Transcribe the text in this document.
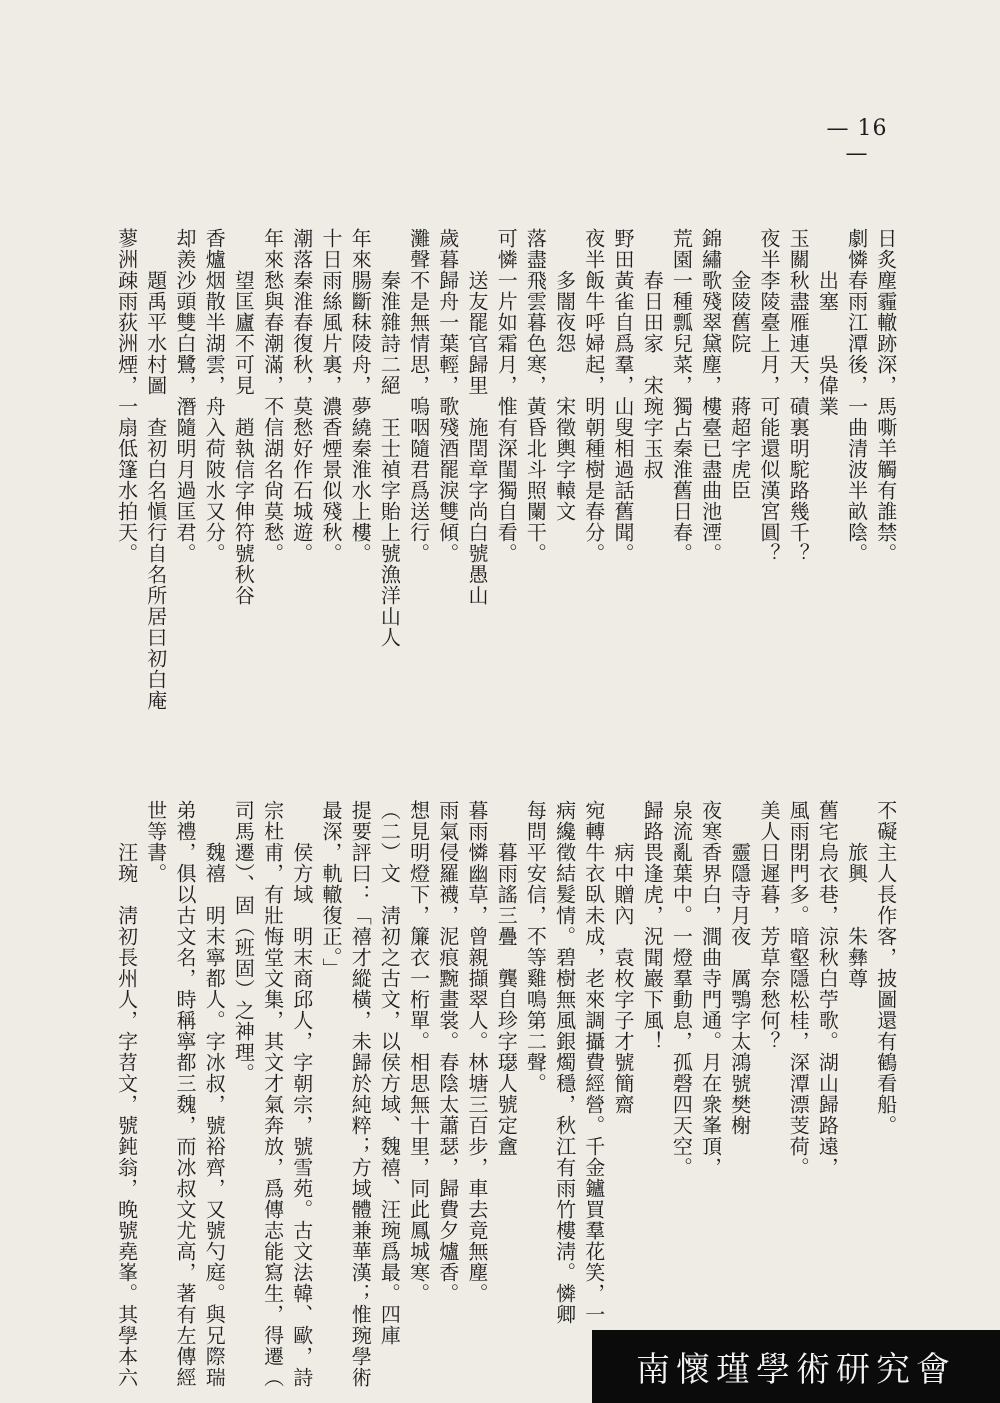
— 16 —
日炙塵霾轍跡深，馬嘶羊觸有誰禁。
劇憐春雨江潭後，一曲清波半畝陰。
出塞　　吳偉業
玉關秋盡雁連天，磧裏明駝路幾千？
夜半李陵臺上月，可能還似漢宮圓？
金陵舊院　　蔣超字虎臣
錦繡歌殘翠黛塵，樓臺已盡曲池湮。
荒園一種瓢兒菜，獨占秦淮舊日春。
春日田家　宋琬字玉叔
野田黃雀自爲羣，山叟相過話舊聞。
夜半飯牛呼婦起，明朝種樹是春分。
多闇夜怨　　宋徵輿字轅文
落盡飛雲暮色寒，黃昏北斗照闌干。
可憐一片如霜月，惟有深閨獨自看。
送友罷官歸里　施閏章字尚白號愚山
歲暮歸舟一葉輕，歌殘酒罷淚雙傾。
灘聲不是無情思，嗚咽隨君爲送行。
秦淮雜詩二絕　王士禎字貽上號漁洋山人
年來腸斷秣陵舟，夢繞秦淮水上樓。
十日雨絲風片裏，濃香煙景似殘秋。
潮落秦淮春復秋，莫愁好作石城遊。
年來愁與春潮滿，不信湖名尙莫愁。
望匡廬不可見　趙執信字伸符號秋谷
香爐烟散半湖雲，舟入荷陂水又分。
却羨沙頭雙白鷺，潛隨明月過匡君。
題禹平水村圖　查初白名愼行自名所居曰初白庵
蓼洲疎雨荻洲煙，一扇低篷水拍天。
不礙主人長作客，披圖還有鶴看船。
旅興　　朱彝尊
舊宅烏衣巷，涼秋白苧歌。湖山歸路遠，
風雨閉門多。暗壑隱松桂，深潭漂芰荷。
美人日遲暮，芳草奈愁何？
靈隱寺月夜　厲鶚字太鴻號樊榭
夜寒香界白，澗曲寺門通。月在衆峯頂，
泉流亂葉中。一燈羣動息，孤磬四天空。
歸路畏逢虎，況聞巖下風！
病中贈內　袁枚字子才號簡齋
宛轉牛衣臥未成，老來調攝費經營。千金鑪買羣花笑，一
病纔徵結髮情。碧樹無風銀燭穩，秋江有雨竹樓淸。憐卿
每問平安信，不等雞鳴第二聲。
暮雨謠三疊　龔自珍字璱人號定盦
暮雨憐幽草，曾親擷翠人。林塘三百步，車去竟無塵。
雨氣侵羅襪，泥痕黦畫裳。春陰太蕭瑟，歸費夕爐香。
想見明燈下，簾衣一桁單。相思無十里，同此鳳城寒。
（二）文　淸初之古文，以侯方域、魏禧、汪琬爲最。四庫
提要評曰：「禧才縱橫，未歸於純粹；方域體兼華漢；惟琬學術
最深，軌轍復正。」
侯方域　明末商邱人，字朝宗，號雪苑。古文法韓、歐，詩
宗杜甫，有壯悔堂文集，其文才氣奔放，爲傳志能寫生，得遷（
司馬遷）、固（班固）之神理。
魏禧　明末寧都人。字冰叔，號裕齊，又號勺庭。與兄際瑞
弟禮，俱以古文名，時稱寧都三魏，而冰叔文尤高，著有左傳經
世等書。
汪琬　淸初長州人，字苕文，號鈍翁，晚號堯峯。其學本六	南懷瑾學術研究會
